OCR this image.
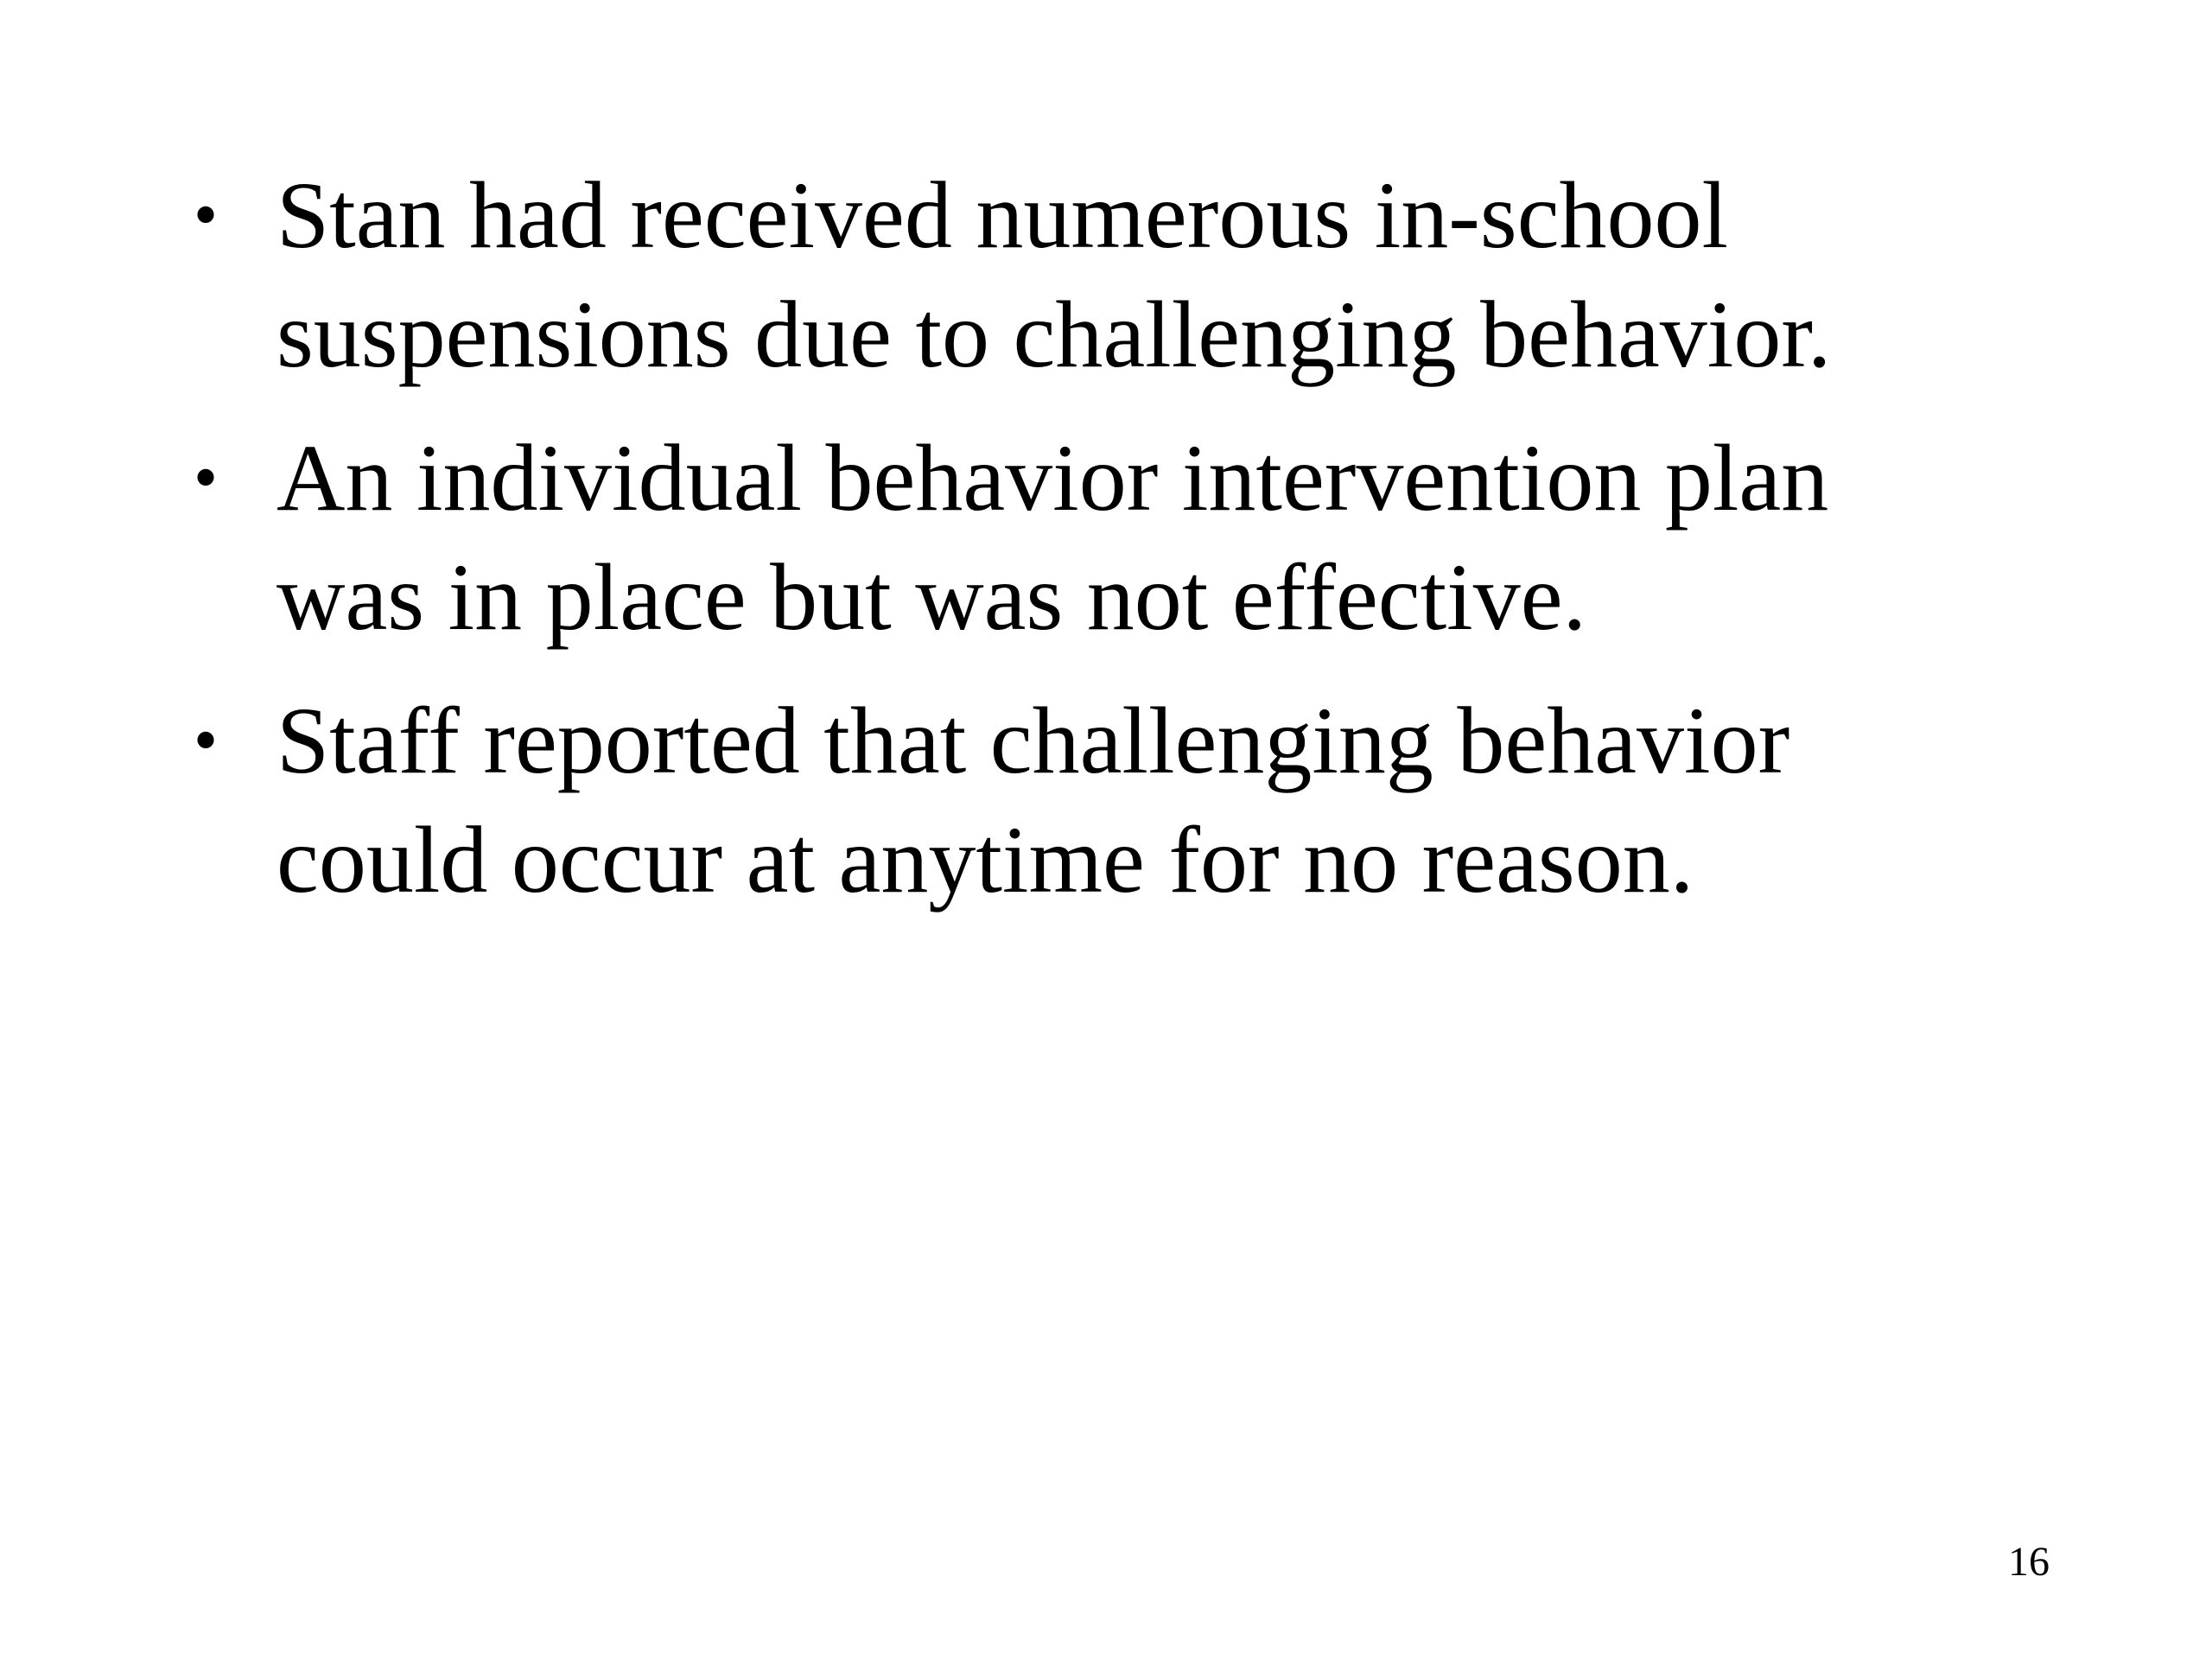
• Stan had received numerous in-school
suspensions due to challenging behavior.
• An individual behavior intervention plan
was in place but was not effective.
• Staff reported that challenging behavior
could occur at anytime for no reason.
16
